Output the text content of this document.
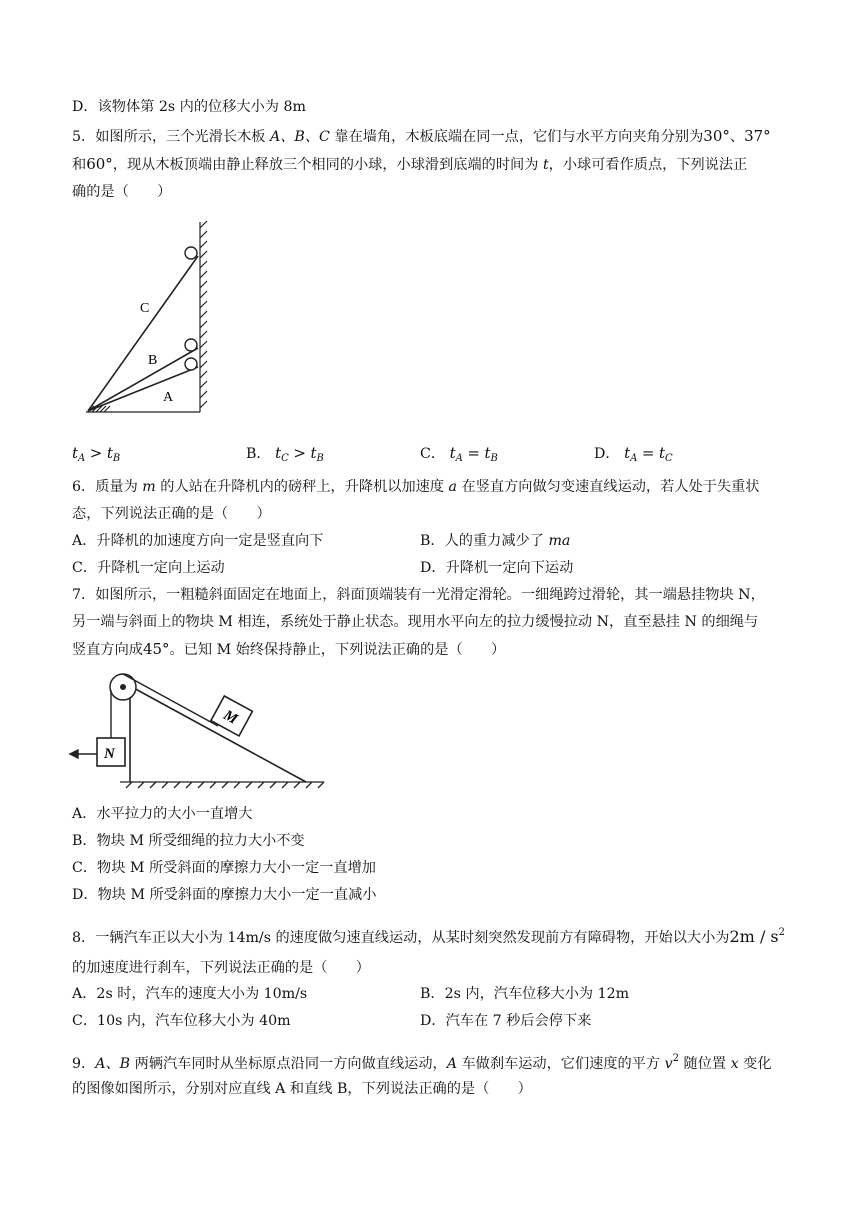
D．该物体第 2s 内的位移大小为 8m
5．如图所示，三个光滑长木板 A、B、C 靠在墙角，木板底端在同一点，它们与水平方向夹角分别为30°、37°
和60°，现从木板顶端由静止释放三个相同的小球，小球滑到底端的时间为 t，小球可看作质点，下列说法正
确的是（　　）
C
B
A
$t_A > t_B$	B． $t_C > t_B$	C． $t_A = t_B$	D． $t_A = t_C$
6．质量为 m 的人站在升降机内的磅秤上，升降机以加速度 a 在竖直方向做匀变速直线运动，若人处于失重状
态，下列说法正确的是（　　）
A．升降机的加速度方向一定是竖直向下	B．人的重力减少了 ma
C．升降机一定向上运动	D．升降机一定向下运动
7．如图所示，一粗糙斜面固定在地面上，斜面顶端装有一光滑定滑轮。一细绳跨过滑轮，其一端悬挂物块 N，
另一端与斜面上的物块 M 相连，系统处于静止状态。现用水平向左的拉力缓慢拉动 N，直至悬挂 N 的细绳与
竖直方向成45°。已知 M 始终保持静止，下列说法正确的是（　　）
N
M
A．水平拉力的大小一直增大
B．物块 M 所受细绳的拉力大小不变
C．物块 M 所受斜面的摩擦力大小一定一直增加
D．物块 M 所受斜面的摩擦力大小一定一直减小
8．一辆汽车正以大小为 14m/s 的速度做匀速直线运动，从某时刻突然发现前方有障碍物，开始以大小为$2m / s^2$
的加速度进行刹车，下列说法正确的是（　　）
A．2s 时，汽车的速度大小为 10m/s	B．2s 内，汽车位移大小为 12m
C．10s 内，汽车位移大小为 40m	D．汽车在 7 秒后会停下来
9．A、B 两辆汽车同时从坐标原点沿同一方向做直线运动，A 车做刹车运动，它们速度的平方 $v^2$ 随位置 x 变化
的图像如图所示，分别对应直线 A 和直线 B，下列说法正确的是（　　）
